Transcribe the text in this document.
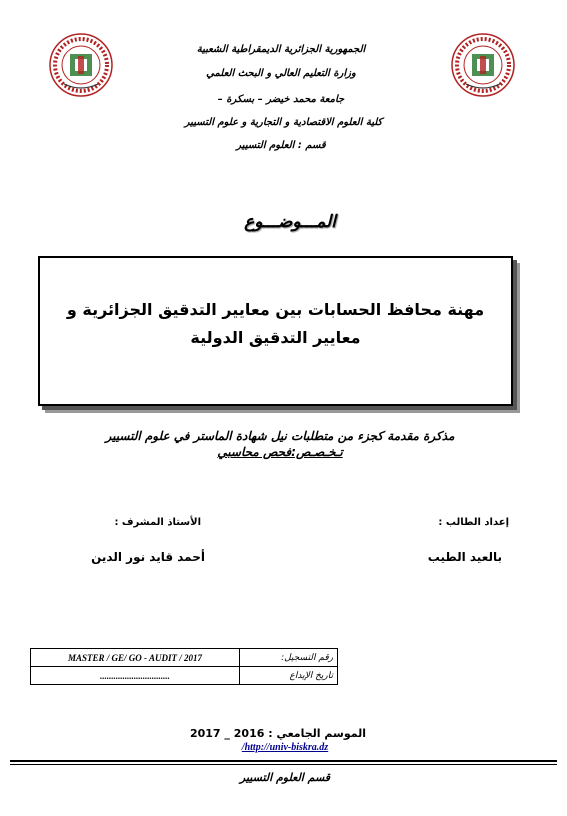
الجمهورية الجزائرية الديمقراطية الشعبية
وزارة التعليم العالي و البحث العلمي
جامعة محمد خيضر – بسكرة –
كلية العلوم الاقتصادية و التجارية و علوم التسيير
قسم : العلوم التسيير
المـــوضـــوع
مهنة محافظ الحسابات بين معايير التدقيق الجزائرية و معايير التدقيق الدولية
مذكرة مقدمة كجزء من متطلبات نيل شهادة الماستر في علوم التسيير
تـخـصـص:فحص محاسبي
إعداد الطالب :
الأستاذ المشرف :
بالعيد الطيب
أحمد قايد نور الدين
MASTER / GE/ GO - AUDIT / 2017	رقم التسجيل:
...............................	تاريخ الإيداع
الموسم الجامعي : 2016 _ 2017
/http://univ-biskra.dz
قسم العلوم التسيير
